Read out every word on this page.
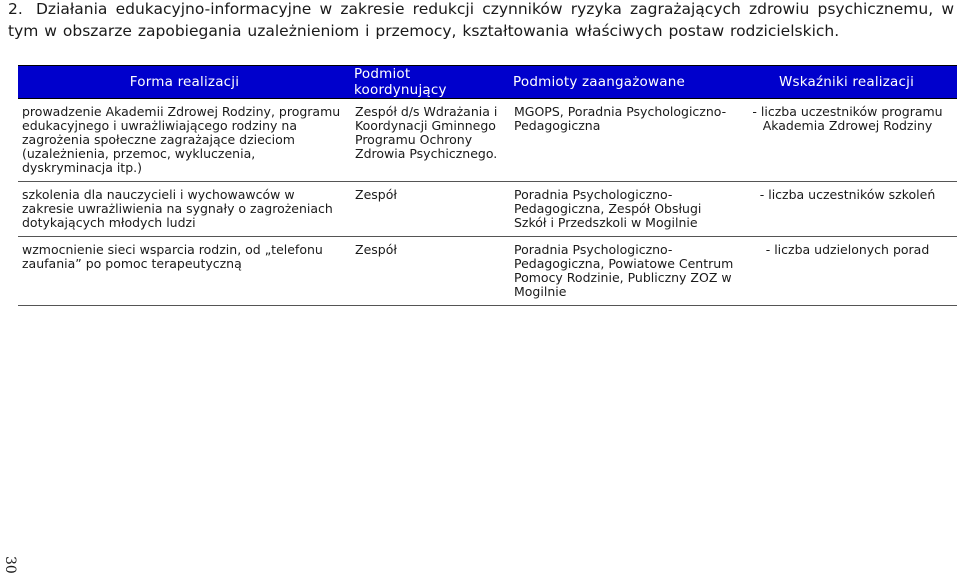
2. Działania edukacyjno-informacyjne w zakresie redukcji czynników ryzyka zagrażających zdrowiu psychicznemu, w tym w obszarze zapobiegania uzależnieniom i przemocy, kształtowania właściwych postaw rodzicielskich.
Forma realizacji	Podmiot koordynujący	Podmioty zaangażowane	Wskaźniki realizacji

prowadzenie Akademii Zdrowej Rodziny, programu edukacyjnego i uwrażliwiającego rodziny na zagrożenia społeczne zagrażające dzieciom (uzależnienia, przemoc, wykluczenia, dyskryminacja itp.)	Zespół d/s Wdrażania i Koordynacji Gminnego Programu Ochrony Zdrowia Psychicznego.	MGOPS, Poradnia Psychologiczno-Pedagogiczna	- liczba uczestników programu Akademia Zdrowej Rodziny
szkolenia dla nauczycieli i wychowawców w zakresie uwrażliwienia na sygnały o zagrożeniach dotykających młodych ludzi	Zespół	Poradnia Psychologiczno-Pedagogiczna, Zespół Obsługi Szkół i Przedszkoli w Mogilnie	- liczba uczestników szkoleń
wzmocnienie sieci wsparcia rodzin, od „telefonu zaufania” po pomoc terapeutyczną	Zespół	Poradnia Psychologiczno-Pedagogiczna, Powiatowe Centrum Pomocy Rodzinie, Publiczny ZOZ w Mogilnie	- liczba udzielonych porad
30
